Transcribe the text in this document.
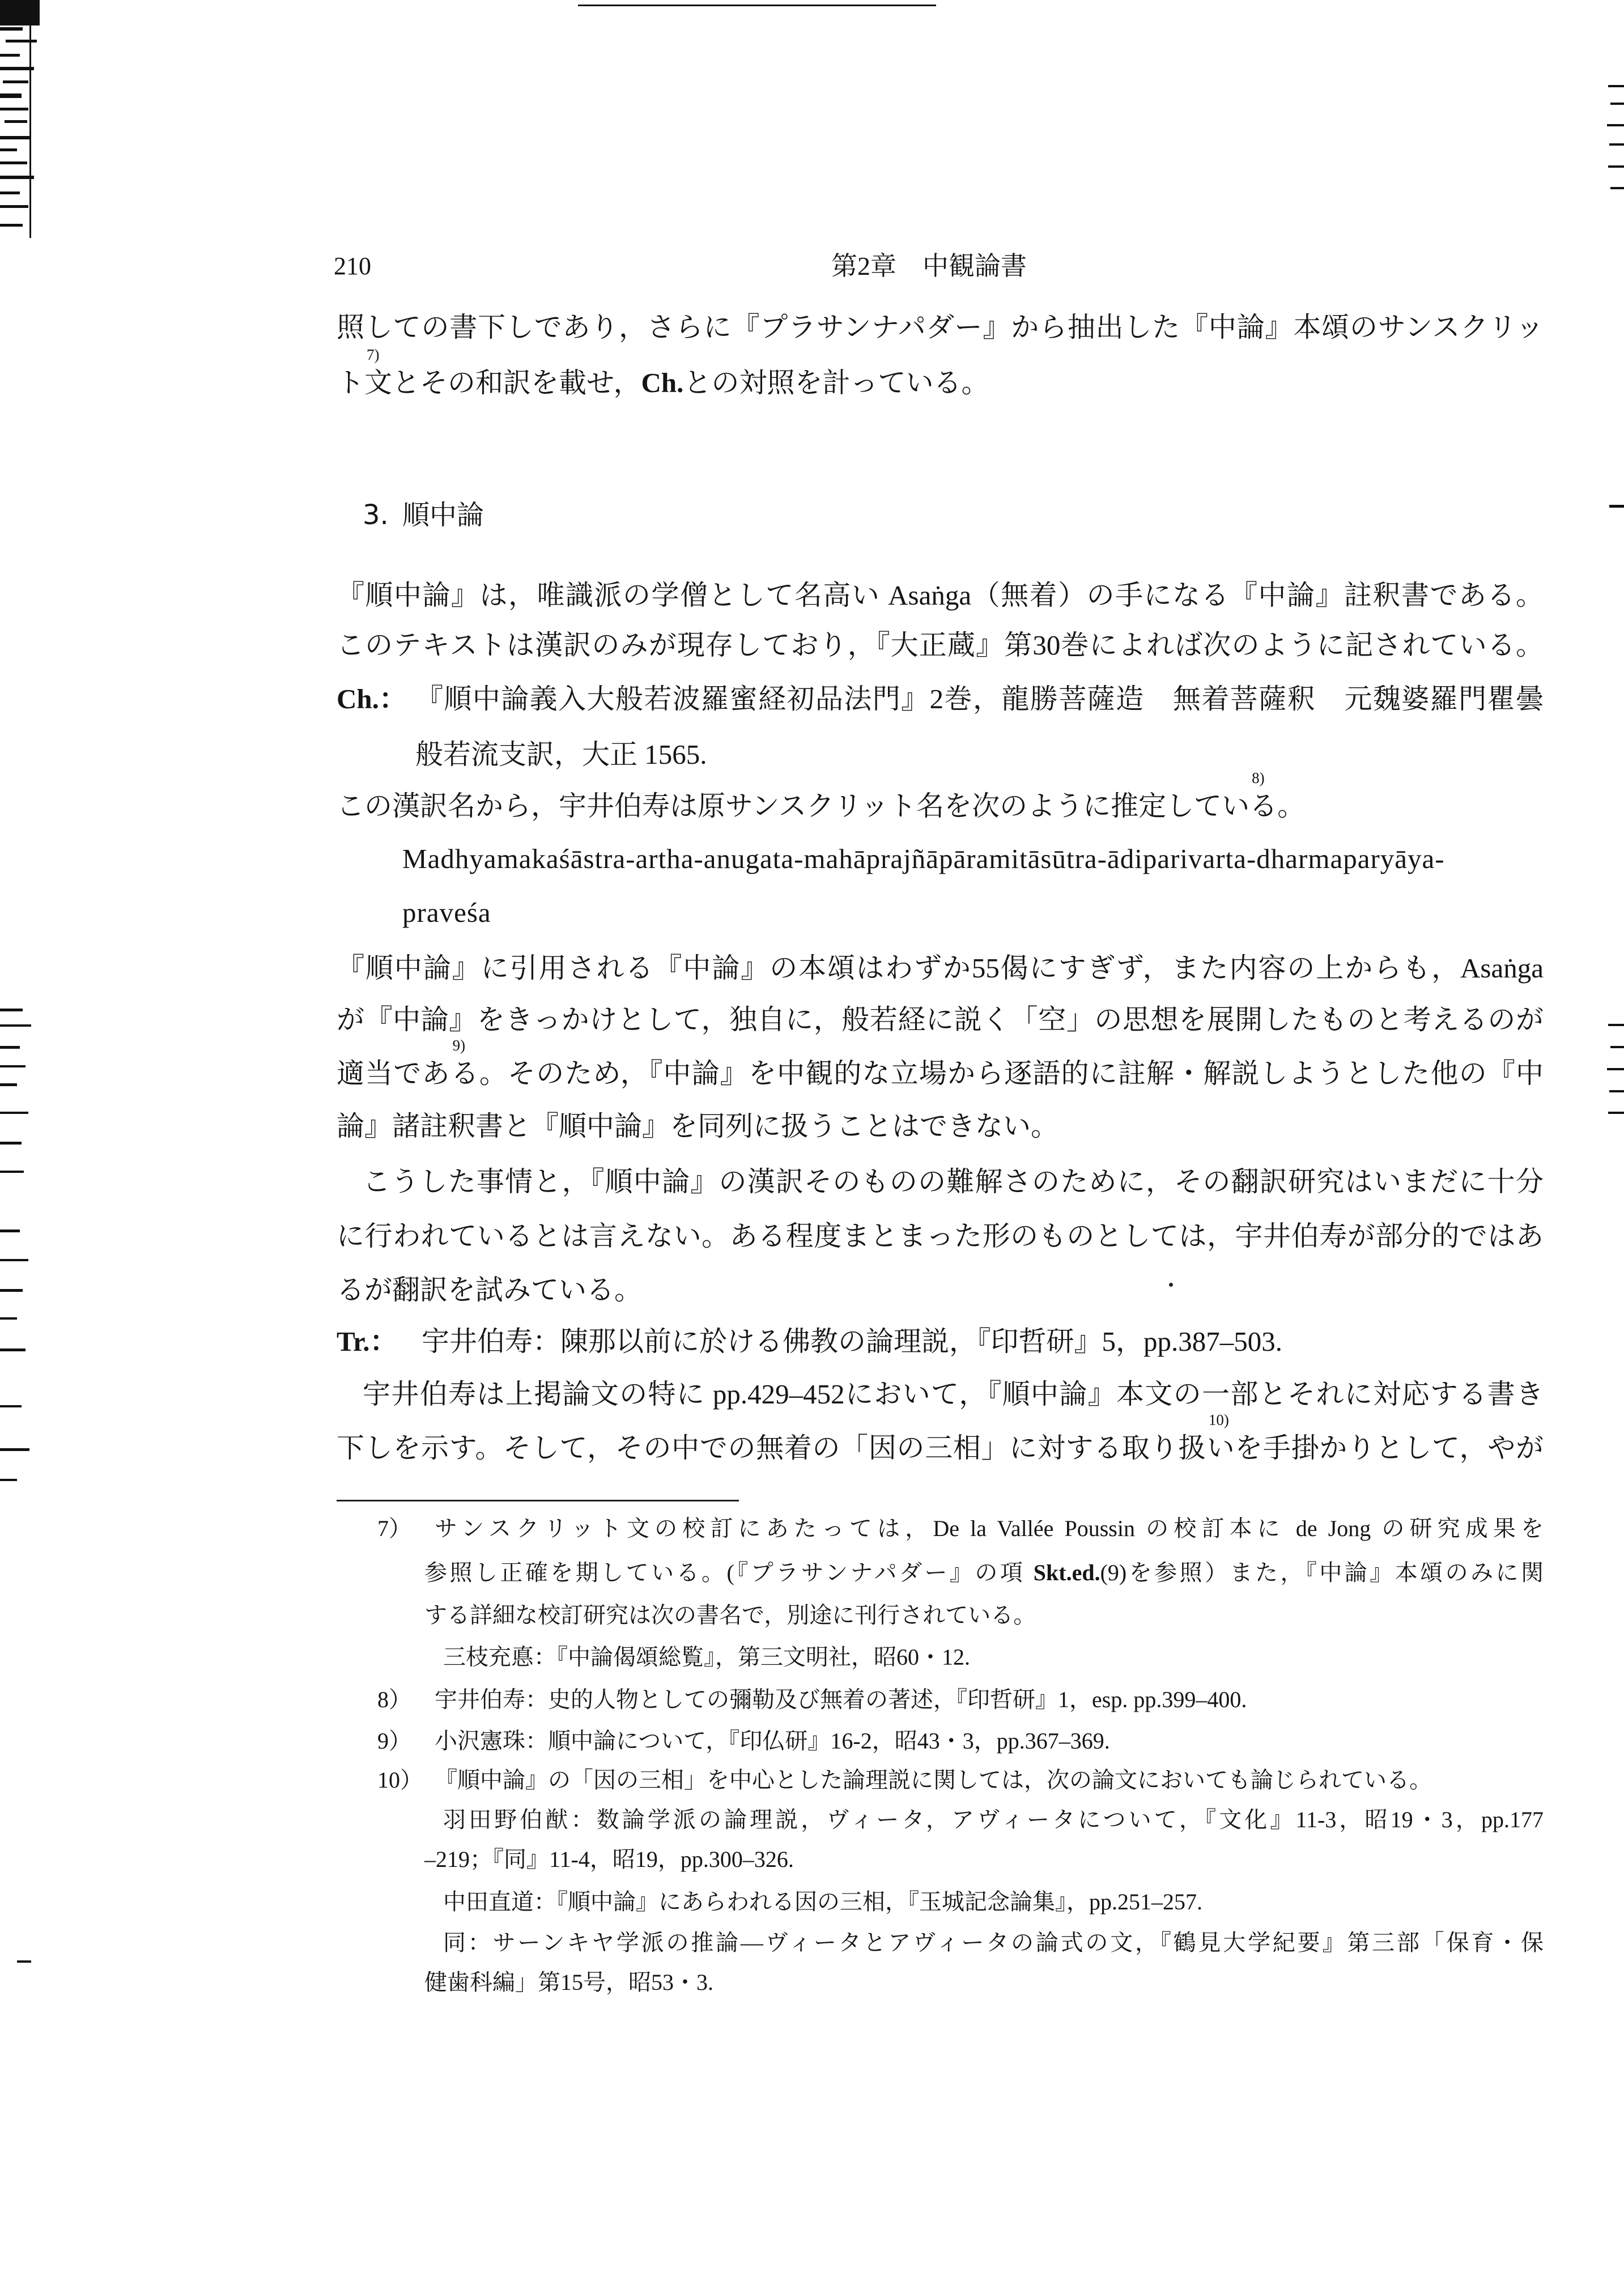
210	第2章　中観論書
照しての書下しであり，さらに『プラサンナパダー』から抽出した『中論』本頌のサンスクリッ
ト
7)
文とその和訳を載せ，Ch.との対照を計っている。
3. 順中論
『順中論』は，唯識派の学僧として名高い Asaṅga（無着）の手になる『中論』註釈書である。
このテキストは漢訳のみが現存しており，『大正蔵』第30巻によれば次のように記されている。
Ch.： 『順中論義入大般若波羅蜜経初品法門』2巻，龍勝菩薩造　無着菩薩釈　元魏婆羅門瞿曇
般若流支訳，大正 1565.
この漢訳名から，宇井伯寿は原サンスクリット名を次のように推定してい
8)
る。
Madhyamakaśāstra-artha-anugata-mahāprajñāpāramitāsūtra-ādiparivarta-dharmaparyāya-
praveśa
『順中論』に引用される『中論』の本頌はわずか55偈にすぎず，また内容の上からも，Asaṅga
が『中論』をきっかけとして，独自に，般若経に説く「空」の思想を展開したものと考えるのが
適当であ
9)
る。そのため，『中論』を中観的な立場から逐語的に註解・解説しようとした他の『中
論』諸註釈書と『順中論』を同列に扱うことはできない。
こうした事情と，『順中論』の漢訳そのものの難解さのために，その翻訳研究はいまだに十分
に行われているとは言えない。ある程度まとまった形のものとしては，宇井伯寿が部分的ではあ
るが翻訳を試みている。
Tr.： 宇井伯寿：陳那以前に於ける佛教の論理説，『印哲研』5，pp.387–503.
宇井伯寿は上掲論文の特に pp.429–452において，『順中論』本文の一部とそれに対応する書き
下しを示す。そして，その中での無着の「因の三相」に対する取り扱
10)
いを手掛かりとして，やが
7） サンスクリット文の校訂にあたっては，De la Vallée Poussin の校訂本に de Jong の研究成果を
参照し正確を期している。(『プラサンナパダー』の項 Skt.ed.(9)を参照）また，『中論』本頌のみに関
する詳細な校訂研究は次の書名で，別途に刊行されている。
三枝充悳：『中論偈頌総覧』，第三文明社，昭60・12.
8） 宇井伯寿：史的人物としての彌勒及び無着の著述，『印哲研』1，esp. pp.399–400.
9） 小沢憲珠：順中論について，『印仏研』16-2，昭43・3，pp.367–369.
10） 『順中論』の「因の三相」を中心とした論理説に関しては，次の論文においても論じられている。
羽田野伯猷：数論学派の論理説，ヴィータ，アヴィータについて，『文化』11-3，昭19・3，pp.177
–219；『同』11-4，昭19，pp.300–326.
中田直道：『順中論』にあらわれる因の三相，『玉城記念論集』，pp.251–257.
同：サーンキヤ学派の推論―ヴィータとアヴィータの論式の文，『鶴見大学紀要』第三部「保育・保
健歯科編」第15号，昭53・3.
